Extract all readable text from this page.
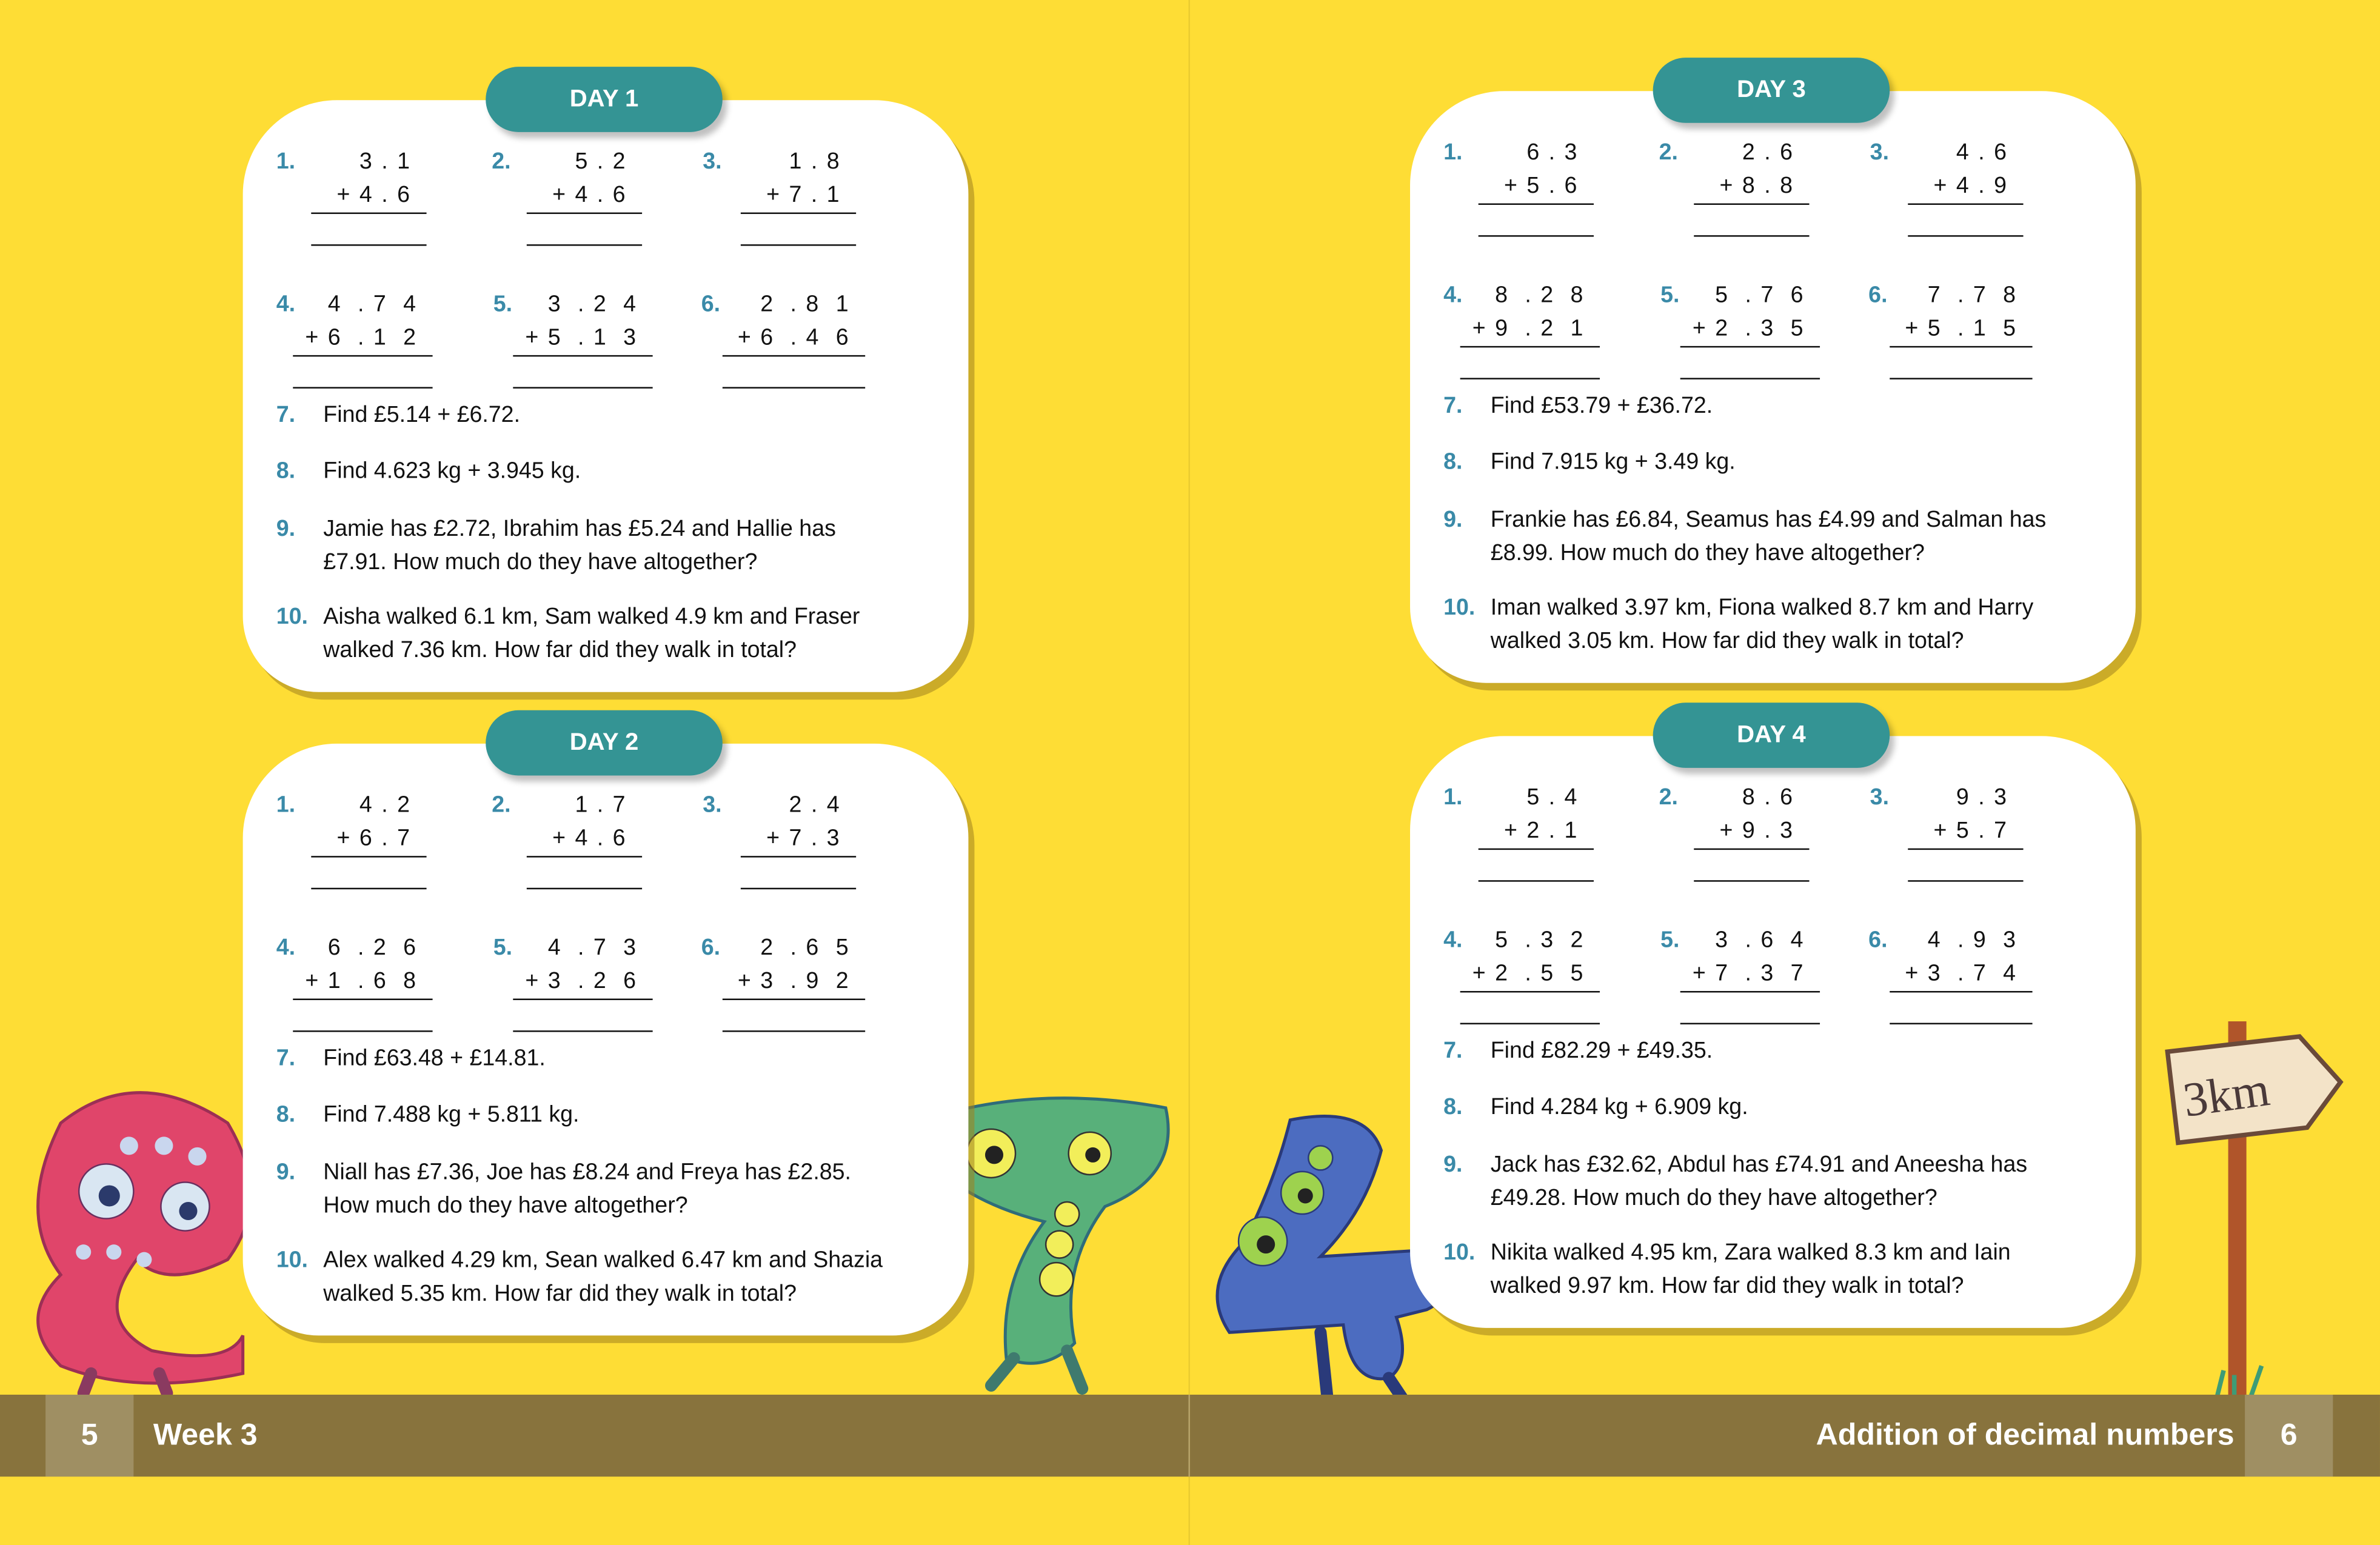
3km
DAY 1
1.	3 . 1
+ 4 . 6
2.	5 . 2
+ 4 . 6
3.	1 . 8
+ 7 . 1
4.	4  . 7  4
+ 6  . 1  2
5.	3  . 2  4
+ 5  . 1  3
6.	2  . 8  1
+ 6  . 4  6
7.	Find £5.14 + £6.72.
8.	Find 4.623 kg + 3.945 kg.
9.	Jamie has £2.72, Ibrahim has £5.24 and Hallie has
£7.91. How much do they have altogether?
10. Aisha walked 6.1 km, Sam walked 4.9 km and Fraser
walked 7.36 km. How far did they walk in total?
DAY 2
1.	4 . 2
+ 6 . 7
2.	1 . 7
+ 4 . 6
3.	2 . 4
+ 7 . 3
4.	6  . 2  6
+ 1  . 6  8
5.	4  . 7  3
+ 3  . 2  6
6.	2  . 6  5
+ 3  . 9  2
7.	Find £63.48 + £14.81.
8.	Find 7.488 kg + 5.811 kg.
9.	Niall has £7.36, Joe has £8.24 and Freya has £2.85.
How much do they have altogether?
10. Alex walked 4.29 km, Sean walked 6.47 km and Shazia
walked 5.35 km. How far did they walk in total?
DAY 3
1.	6 . 3
+ 5 . 6
2.	2 . 6
+ 8 . 8
3.	4 . 6
+ 4 . 9
4.	8  . 2  8
+ 9  . 2  1
5.	5  . 7  6
+ 2  . 3  5
6.	7  . 7  8
+ 5  . 1  5
7.	Find £53.79 + £36.72.
8.	Find 7.915 kg + 3.49 kg.
9.	Frankie has £6.84, Seamus has £4.99 and Salman has
£8.99. How much do they have altogether?
10. Iman walked 3.97 km, Fiona walked 8.7 km and Harry
walked 3.05 km. How far did they walk in total?
DAY 4
1.	5 . 4
+ 2 . 1
2.	8 . 6
+ 9 . 3
3.	9 . 3
+ 5 . 7
4.	5  . 3  2
+ 2  . 5  5
5.	3  . 6  4
+ 7  . 3  7
6.	4  . 9  3
+ 3  . 7  4
7.	Find £82.29 + £49.35.
8.	Find 4.284 kg + 6.909 kg.
9.	Jack has £32.62, Abdul has £74.91 and Aneesha has
£49.28. How much do they have altogether?
10. Nikita walked 4.95 km, Zara walked 8.3 km and Iain
walked 9.97 km. How far did they walk in total?
5	Week 3	Addition of decimal numbers	6
